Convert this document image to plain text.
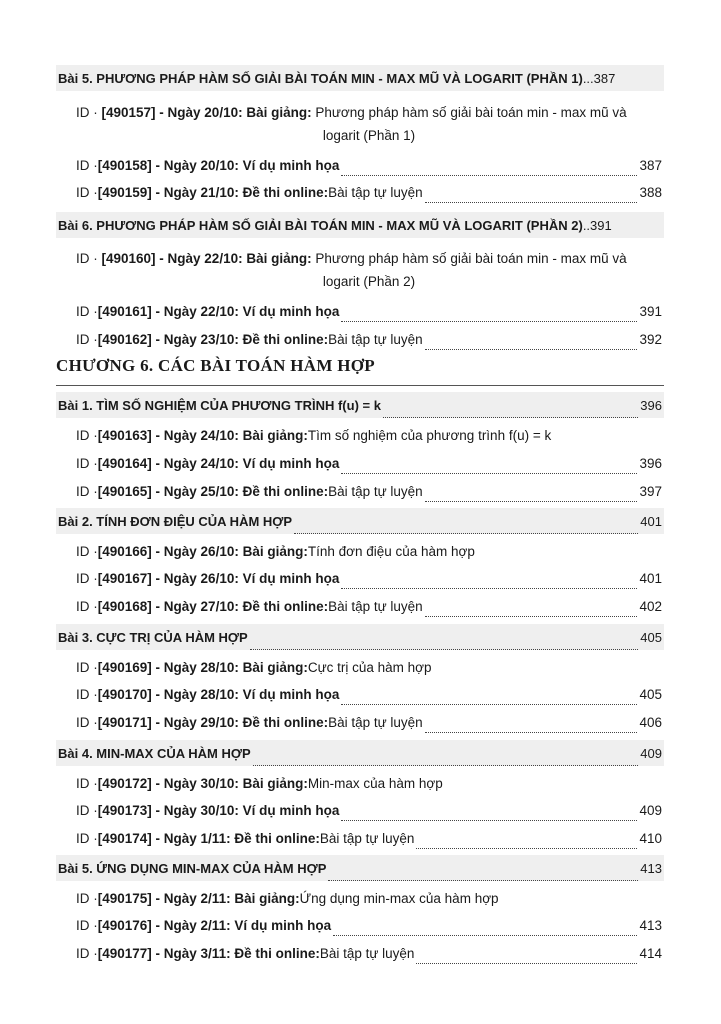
Bài 5. PHƯƠNG PHÁP HÀM SỐ GIẢI BÀI TOÁN MIN - MAX MŨ VÀ LOGARIT (PHẦN 1) ... 387
ID · [490157] - Ngày 20/10: Bài giảng: Phương pháp hàm số giải bài toán min - max mũ và
logarit (Phần 1)
ID · [490158] - Ngày 20/10: Ví dụ minh họa	387
ID · [490159] - Ngày 21/10: Đề thi online: Bài tập tự luyện	388
Bài 6. PHƯƠNG PHÁP HÀM SỐ GIẢI BÀI TOÁN MIN - MAX MŨ VÀ LOGARIT (PHẦN 2) .. 391
ID · [490160] - Ngày 22/10: Bài giảng: Phương pháp hàm số giải bài toán min - max mũ và
logarit (Phần 2)
ID · [490161] - Ngày 22/10: Ví dụ minh họa	391
ID · [490162] - Ngày 23/10: Đề thi online: Bài tập tự luyện	392
CHƯƠNG 6. CÁC BÀI TOÁN HÀM HỢP
Bài 1. TÌM SỐ NGHIỆM CỦA PHƯƠNG TRÌNH f(u) = k	396
ID · [490163] - Ngày 24/10: Bài giảng: Tìm số nghiệm của phương trình f(u) = k
ID · [490164] - Ngày 24/10: Ví dụ minh họa	396
ID · [490165] - Ngày 25/10: Đề thi online: Bài tập tự luyện	397
Bài 2. TÍNH ĐƠN ĐIỆU CỦA HÀM HỢP	401
ID · [490166] - Ngày 26/10: Bài giảng: Tính đơn điệu của hàm hợp
ID · [490167] - Ngày 26/10: Ví dụ minh họa	401
ID · [490168] - Ngày 27/10: Đề thi online: Bài tập tự luyện	402
Bài 3. CỰC TRỊ CỦA HÀM HỢP	405
ID · [490169] - Ngày 28/10: Bài giảng: Cực trị của hàm hợp
ID · [490170] - Ngày 28/10: Ví dụ minh họa	405
ID · [490171] - Ngày 29/10: Đề thi online: Bài tập tự luyện	406
Bài 4. MIN-MAX CỦA HÀM HỢP	409
ID · [490172] - Ngày 30/10: Bài giảng: Min-max của hàm hợp
ID · [490173] - Ngày 30/10: Ví dụ minh họa	409
ID · [490174] - Ngày 1/11: Đề thi online: Bài tập tự luyện	410
Bài 5. ỨNG DỤNG MIN-MAX CỦA HÀM HỢP	413
ID · [490175] - Ngày 2/11: Bài giảng: Ứng dụng min-max của hàm hợp
ID · [490176] - Ngày 2/11: Ví dụ minh họa	413
ID · [490177] - Ngày 3/11: Đề thi online: Bài tập tự luyện	414
